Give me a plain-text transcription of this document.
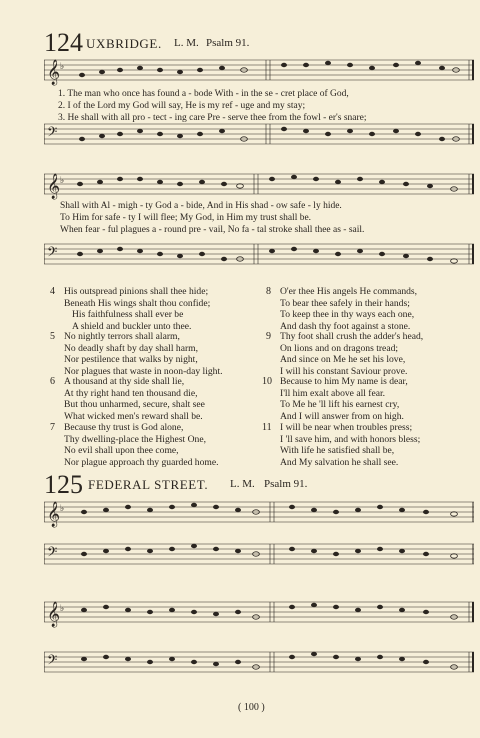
124 UXBRIDGE. L. M. Psalm 91.
𝄞 ♭
1. The man who once has found a - bode With - in the se - cret place of God,
2. I of the Lord my God will say, He is my ref - uge and my stay;
3. He shall with all pro - tect - ing care Pre - serve thee from the fowl - er's snare;
𝄢
𝄞 ♭
Shall with Al - migh - ty God a - bide, And in His shad - ow safe - ly hide.
To Him for safe - ty I will flee; My God, in Him my trust shall be.
When fear - ful plagues a - round pre - vail, No fa - tal stroke shall thee as - sail.
𝄢
4 His outspread pinions shall thee hide;
Beneath His wings shalt thou confide;
His faithfulness shall ever be
A shield and buckler unto thee.
5 No nightly terrors shall alarm,
No deadly shaft by day shall harm,
Nor pestilence that walks by night,
Nor plagues that waste in noon-day light.
6 A thousand at thy side shall lie,
At thy right hand ten thousand die,
But thou unharmed, secure, shalt see
What wicked men's reward shall be.
7 Because thy trust is God alone,
Thy dwelling-place the Highest One,
No evil shall upon thee come,
Nor plague approach thy guarded home.
8 O'er thee His angels He commands,
To bear thee safely in their hands;
To keep thee in thy ways each one,
And dash thy foot against a stone.
9 Thy foot shall crush the adder's head,
On lions and on dragons tread;
And since on Me he set his love,
I will his constant Saviour prove.
10 Because to him My name is dear,
I'll him exalt above all fear.
To Me he 'll lift his earnest cry,
And I will answer from on high.
11 I will be near when troubles press;
I 'll save him, and with honors bless;
With life he satisfied shall be,
And My salvation he shall see.
125 FEDERAL STREET. L. M. Psalm 91.
𝄞 ♭
𝄢
𝄞 ♭
𝄢
( 100 )
